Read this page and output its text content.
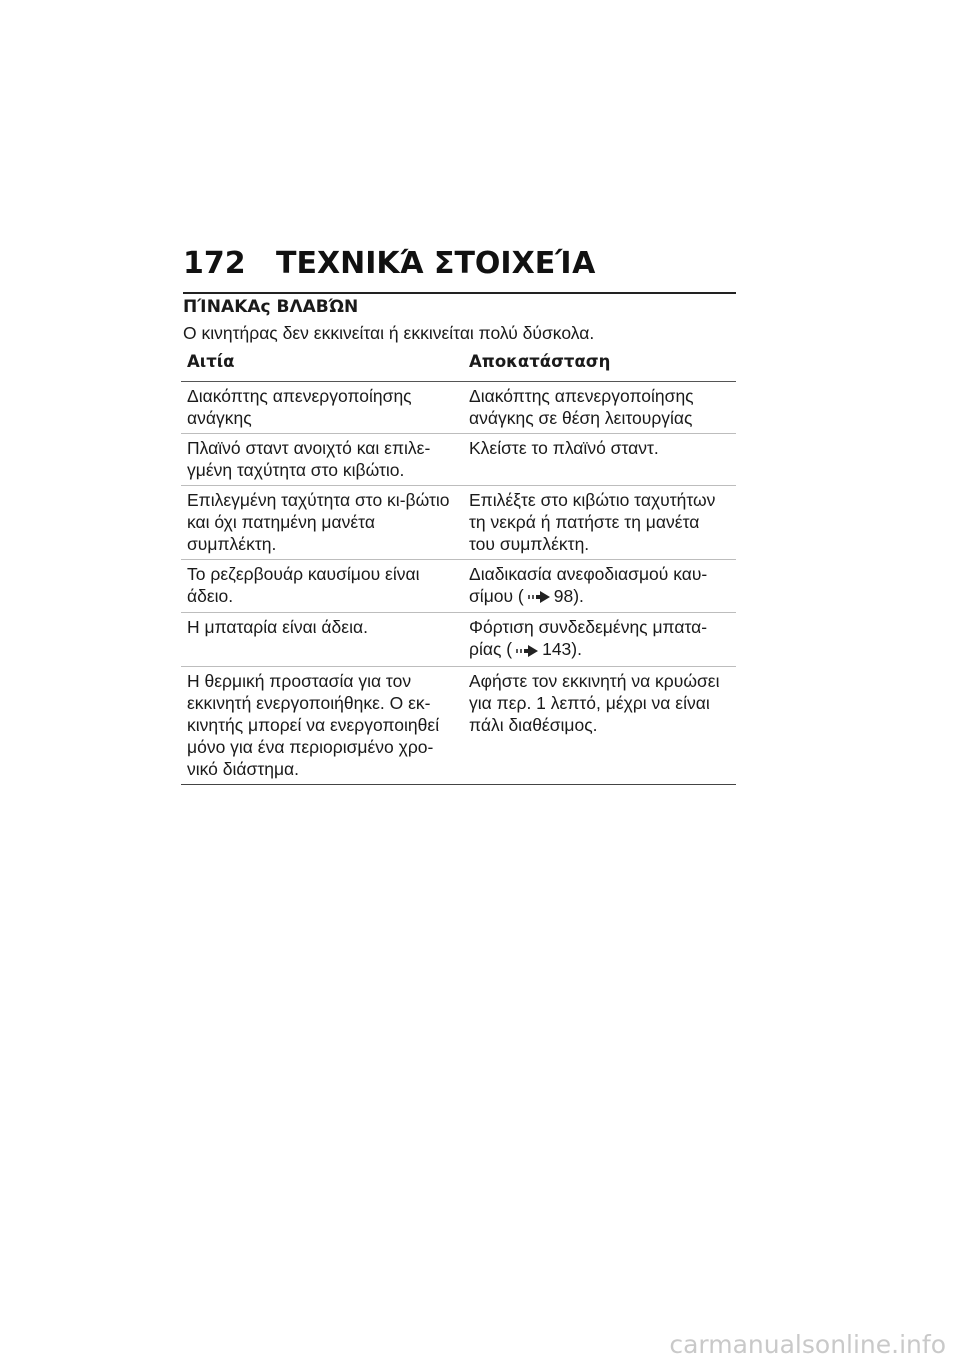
172	ΤΕΧΝΙΚΆ ΣΤΟΙΧΕΊΑ
ΠΊΝΑΚΑς ΒΛΑΒΏΝ
Ο κινητήρας δεν εκκινείται ή εκκινείται πολύ δύσκολα.
Αιτία	Αποκατάσταση
Διακόπτης απενεργοποίησης ανάγκης	Διακόπτης απενεργοποίησης ανάγκης σε θέση λειτουργίας
Πλαϊνό σταντ ανοιχτό και επιλε-γμένη ταχύτητα στο κιβώτιο.	Κλείστε το πλαϊνό σταντ.
Επιλεγμένη ταχύτητα στο κι-βώτιο και όχι πατημένη μανέτα συμπλέκτη.	Επιλέξτε στο κιβώτιο ταχυτήτων τη νεκρά ή πατήστε τη μανέτα του συμπλέκτη.
Το ρεζερβουάρ καυσίμου είναι άδειο.	Διαδικασία ανεφοδιασμού καυ-σίμου ( 98).
Η μπαταρία είναι άδεια.	Φόρτιση συνδεδεμένης μπατα-ρίας ( 143).
Η θερμική προστασία για τον εκκινητή ενεργοποιήθηκε. Ο εκ-κινητής μπορεί να ενεργοποιηθεί μόνο για ένα περιορισμένο χρο-νικό διάστημα.	Αφήστε τον εκκινητή να κρυώσει για περ. 1 λεπτό, μέχρι να είναι πάλι διαθέσιμος.
carmanualsonline.info
